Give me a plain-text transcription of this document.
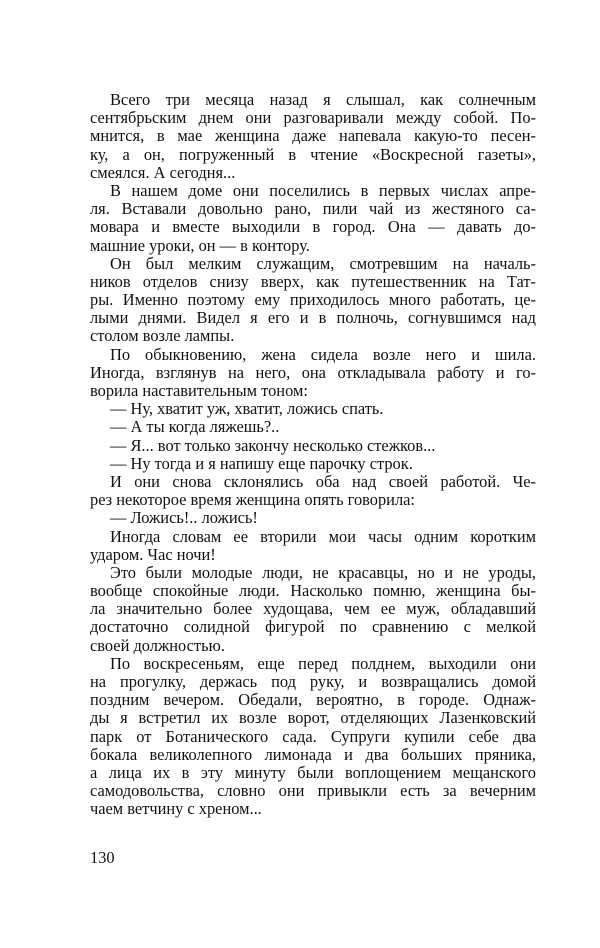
Всего три месяца назад я слышал, как солнечным
сентябрьским днем они разговаривали между собой. По-
мнится, в мае женщина даже напевала какую-то песен-
ку, а он, погруженный в чтение «Воскресной газеты»,
смеялся. А сегодня...
В нашем доме они поселились в первых числах апре-
ля. Вставали довольно рано, пили чай из жестяного са-
мовара и вместе выходили в город. Она — давать до-
машние уроки, он — в контору.
Он был мелким служащим, смотревшим на началь-
ников отделов снизу вверх, как путешественник на Тат-
ры. Именно поэтому ему приходилось много работать, це-
лыми днями. Видел я его и в полночь, согнувшимся над
столом возле лампы.
По обыкновению, жена сидела возле него и шила.
Иногда, взглянув на него, она откладывала работу и го-
ворила наставительным тоном:
— Ну, хватит уж, хватит, ложись спать.
— А ты когда ляжешь?..
— Я... вот только закончу несколько стежков...
— Ну тогда и я напишу еще парочку строк.
И они снова склонялись оба над своей работой. Че-
рез некоторое время женщина опять говорила:
— Ложись!.. ложись!
Иногда словам ее вторили мои часы одним коротким
ударом. Час ночи!
Это были молодые люди, не красавцы, но и не уроды,
вообще спокойные люди. Насколько помню, женщина бы-
ла значительно более худощава, чем ее муж, обладавший
достаточно солидной фигурой по сравнению с мелкой
своей должностью.
По воскресеньям, еще перед полднем, выходили они
на прогулку, держась под руку, и возвращались домой
поздним вечером. Обедали, вероятно, в городе. Однаж-
ды я встретил их возле ворот, отделяющих Лазенковский
парк от Ботанического сада. Супруги купили себе два
бокала великолепного лимонада и два больших пряника,
а лица их в эту минуту были воплощением мещанского
самодовольства, словно они привыкли есть за вечерним
чаем ветчину с хреном...
130
